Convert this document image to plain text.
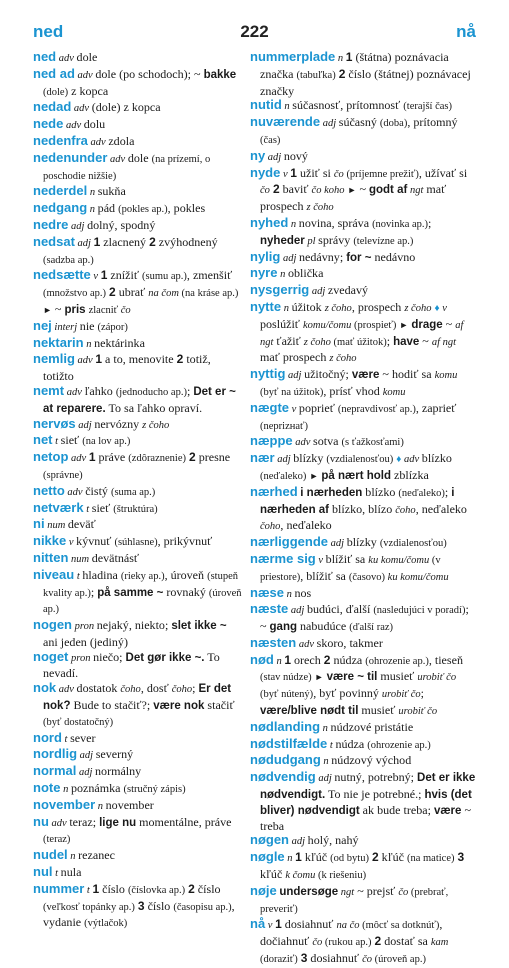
ned	222	nå

ned adv dole

ned ad adv dole (po schodoch); ~ bakke (dole) z kopca

nedad adv (dole) z kopca

nede adv dolu

nedenfra adv zdola

nedenunder adv dole (na prízemí, o poschodie nižšie)

nederdel n sukňa

nedgang n pád (pokles ap.), pokles

nedre adj dolný, spodný

nedsat adj 1 zlacnený 2 zvýhodnený (sadzba ap.)

nedsætte v 1 znížiť (sumu ap.), zmenšiť (množstvo ap.) 2 ubrať na čom (na kráse ap.) ► ~ pris zlacniť čo

nej interj nie (zápor)

nektarin n nektárinka

nemlig adv 1 a to, menovite 2 totiž, totižto

nemt adv ľahko (jednoducho ap.); Det er ~ at reparere. To sa ľahko opraví.

nervøs adj nervózny z čoho

net t sieť (na lov ap.)

netop adv 1 práve (zdôraznenie) 2 presne (správne)

netto adv čistý (suma ap.)

netværk t sieť (štruktúra)

ni num deväť

nikke v kývnuť (súhlasne), prikývnuť

nitten num devätnásť

niveau t hladina (rieky ap.), úroveň (stupeň kvality ap.); på samme ~ rovnaký (úroveň ap.)

nogen pron nejaký, niekto; slet ikke ~ ani jeden (jediný)

noget pron niečo; Det gør ikke ~. To nevadí.

nok adv dostatok čoho, dosť čoho; Er det nok? Bude to stačiť?; være nok stačiť (byť dostatočný)

nord t sever

nordlig adj severný

normal adj normálny

note n poznámka (stručný zápis)

november n november

nu adv teraz; lige nu momentálne, práve (teraz)

nudel n rezanec

nul t nula

nummer t 1 číslo (číslovka ap.) 2 číslo (veľkosť topánky ap.) 3 číslo (časopisu ap.), vydanie (výtlačok)

nummerplade n 1 (štátna) poznávacia značka (tabuľka) 2 číslo (štátnej) poznávacej značky

nutid n súčasnosť, prítomnosť (terajší čas)

nuværende adj súčasný (doba), prítomný (čas)

ny adj nový

nyde v 1 užiť si čo (príjemne prežiť), užívať si čo 2 baviť čo koho ► ~ godt af ngt mať prospech z čoho

nyhed n novina, správa (novinka ap.); nyheder pl správy (televízne ap.)

nylig adj nedávny; for ~ nedávno

nyre n oblička

nysgerrig adj zvedavý

nytte n úžitok z čoho, prospech z čoho ♦ v poslúžiť komu/čomu (prospieť) ► drage ~ af ngt ťažiť z čoho (mať úžitok); have ~ af ngt mať prospech z čoho

nyttig adj užitočný; være ~ hodiť sa komu (byť na úžitok), prísť vhod komu

nægte v poprieť (nepravdivosť ap.), zaprieť (neprizнať)

næppe adv sotva (s ťažkosťami)

nær adj blízky (vzdialenosťou) ♦ adv blízko (neďaleko) ► på nært hold zblízka

nærhed i nærheden blízko (neďaleko); i nærheden af blízko, blízo čoho, neďaleko čoho, neďaleko

nærliggende adj blízky (vzdialenosťou)

nærme sig v blížiť sa ku komu/čomu (v priestore), blížiť sa (časovo) ku komu/čomu

næse n nos

næste adj budúci, ďalší (nasledujúci v poradí); ~ gang nabudúce (ďalší raz)

næsten adv skoro, takmer

nød n 1 orech 2 núdza (ohrozenie ap.), tieseň (stav núdze) ► være ~ til musieť urobiť čo (byť nútený), byť povinný urobiť čo; være/blive nødt til musieť urobiť čo

nødlanding n núdzové pristátie

nødstilfælde t núdza (ohrozenie ap.)

nødudgang n núdzový východ

nødvendig adj nutný, potrebný; Det er ikke nødvendigt. To nie je potrebné.; hvis (det bliver) nødvendigt ak bude treba; være ~ treba

nøgen adj holý, nahý

nøgle n 1 kľúč (od bytu) 2 kľúč (na matice) 3 kľúč k čomu (k riešeniu)

nøje undersøge ngt ~ prejsť čo (prebrať, preveriť)

nå v 1 dosiahnuť na čo (môcť sa dotknúť), dočiahnuť čo (rukou ap.) 2 dostať sa kam (doraziť) 3 dosiahnuť čo (úroveň ap.)
